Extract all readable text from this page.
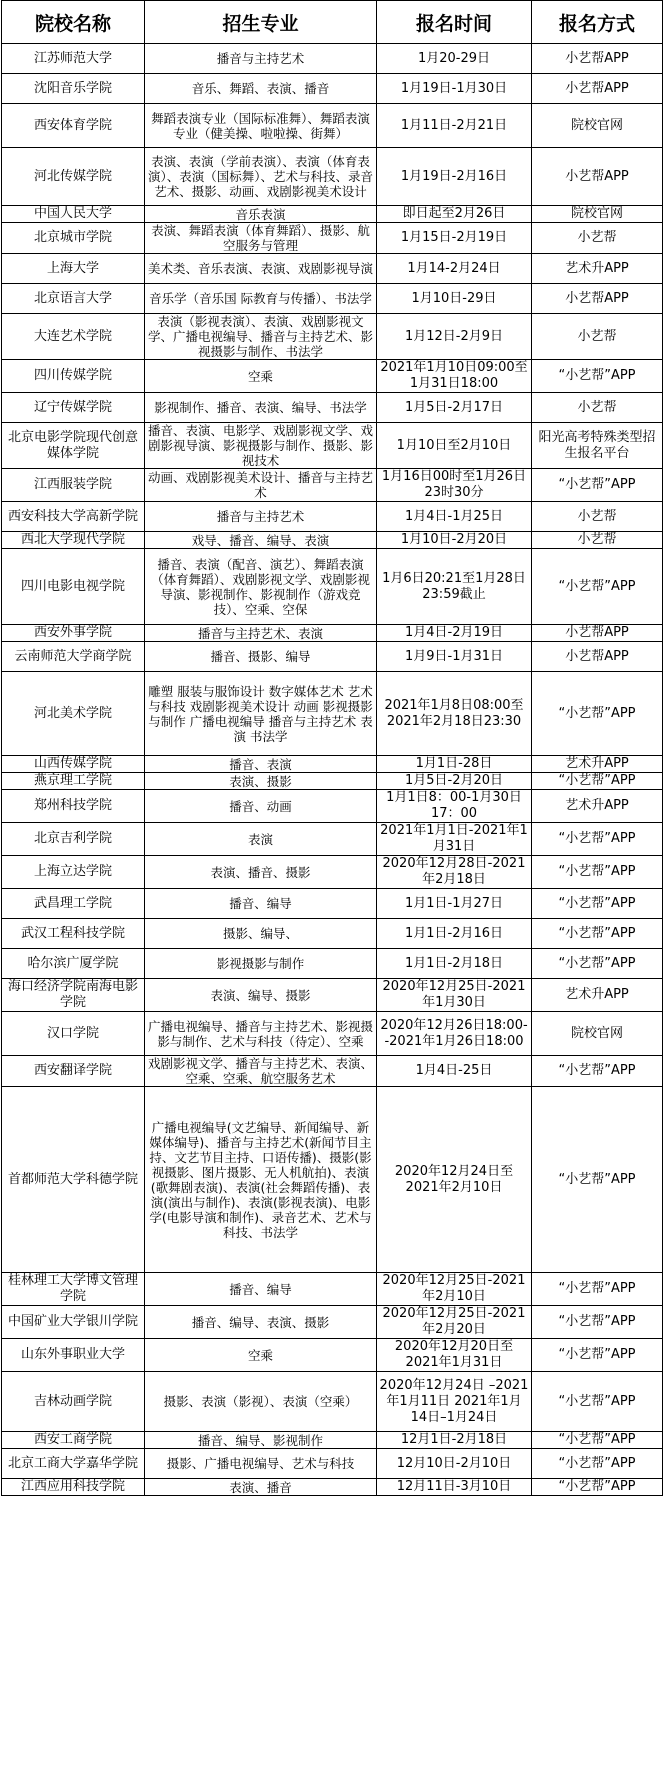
院校名称	招生专业	报名时间	报名方式
江苏师范大学	播音与主持艺术	1月20-29日	小艺帮APP
沈阳音乐学院	音乐、舞蹈、表演、播音	1月19日-1月30日	小艺帮APP
西安体育学院	舞蹈表演专业（国际标准舞）、舞蹈表演专业（健美操、啦啦操、街舞）	1月11日-2月21日	院校官网
河北传媒学院	表演、表演（学前表演）、表演（体育表演）、表演（国标舞）、艺术与科技、录音艺术、摄影、动画、戏剧影视美术设计	1月19日-2月16日	小艺帮APP
中国人民大学	音乐表演	即日起至2月26日	院校官网
北京城市学院	表演、舞蹈表演（体育舞蹈）、摄影、航空服务与管理	1月15日-2月19日	小艺帮
上海大学	美术类、音乐表演、表演、戏剧影视导演	1月14-2月24日	艺术升APP
北京语言大学	音乐学（音乐国 际教育与传播）、书法学	1月10日-29日	小艺帮APP
大连艺术学院	表演（影视表演）、表演、戏剧影视文学、广播电视编导、播音与主持艺术、影视摄影与制作、书法学	1月12日-2月9日	小艺帮
四川传媒学院	空乘	2021年1月10日09:00至1月31日18:00	“小艺帮”APP
辽宁传媒学院	影视制作、播音、表演、编导、书法学	1月5日-2月17日	小艺帮
北京电影学院现代创意媒体学院	播音、表演、电影学、戏剧影视文学、戏剧影视导演、影视摄影与制作、摄影、影视技术	1月10日至2月10日	阳光高考特殊类型招生报名平台
江西服装学院	动画、戏剧影视美术设计、播音与主持艺术	1月16日00时至1月26日23时30分	“小艺帮”APP
西安科技大学高新学院	播音与主持艺术	1月4日-1月25日	小艺帮
西北大学现代学院	戏导、播音、编导、表演	1月10日-2月20日	小艺帮
四川电影电视学院	播音、表演（配音、演艺）、舞蹈表演（体育舞蹈）、戏剧影视文学、戏剧影视导演、影视制作、影视制作（游戏竞技）、空乘、空保	1月6日20:21至1月28日23:59截止	“小艺帮”APP
西安外事学院	播音与主持艺术、表演	1月4日-2月19日	小艺帮APP
云南师范大学商学院	播音、摄影、编导	1月9日-1月31日	小艺帮APP
河北美术学院	雕塑 服装与服饰设计 数字媒体艺术 艺术与科技 戏剧影视美术设计 动画 影视摄影与制作 广播电视编导 播音与主持艺术 表演 书法学	2021年1月8日08:00至2021年2月18日23:30	“小艺帮”APP
山西传媒学院	播音、表演	1月1日-28日	艺术升APP
燕京理工学院	表演、摄影	1月5日-2月20日	“小艺帮”APP
郑州科技学院	播音、动画	1月1日8：00-1月30日17：00	艺术升APP
北京吉利学院	表演	2021年1月1日-2021年1月31日	“小艺帮”APP
上海立达学院	表演、播音、摄影	2020年12月28日-2021年2月18日	“小艺帮”APP
武昌理工学院	播音、编导	1月1日-1月27日	“小艺帮”APP
武汉工程科技学院	摄影、编导、	1月1日-2月16日	“小艺帮”APP
哈尔滨广厦学院	影视摄影与制作	1月1日-2月18日	“小艺帮”APP
海口经济学院南海电影学院	表演、编导、摄影	2020年12月25日-2021年1月30日	艺术升APP
汉口学院	广播电视编导、播音与主持艺术、影视摄影与制作、艺术与科技（待定）、空乘	2020年12月26日18:00--2021年1月26日18:00	院校官网
西安翻译学院	戏剧影视文学、播音与主持艺术、表演、空乘、空乘、航空服务艺术	1月4日-25日	“小艺帮”APP
首都师范大学科德学院	广播电视编导(文艺编导、新闻编导、新媒体编导)、播音与主持艺术(新闻节目主持、文艺节目主持、口语传播)、摄影(影视摄影、图片摄影、无人机航拍)、表演(歌舞剧表演)、表演(社会舞蹈传播)、表演(演出与制作)、表演(影视表演)、电影学(电影导演和制作)、录音艺术、艺术与科技、书法学	2020年12月24日至2021年2月10日	“小艺帮”APP
桂林理工大学博文管理学院	播音、编导	2020年12月25日-2021年2月10日	“小艺帮”APP
中国矿业大学银川学院	播音、编导、表演、摄影	2020年12月25日-2021年2月20日	“小艺帮”APP
山东外事职业大学	空乘	2020年12月20日至2021年1月31日	“小艺帮”APP
吉林动画学院	摄影、表演（影视）、表演（空乘）	2020年12月24日 –2021年1月11日 2021年1月14日–1月24日	“小艺帮”APP
西安工商学院	播音、编导、影视制作	12月1日-2月18日	“小艺帮”APP
北京工商大学嘉华学院	摄影、广播电视编导、艺术与科技	12月10日-2月10日	“小艺帮”APP
江西应用科技学院	表演、播音	12月11日-3月10日	“小艺帮”APP
